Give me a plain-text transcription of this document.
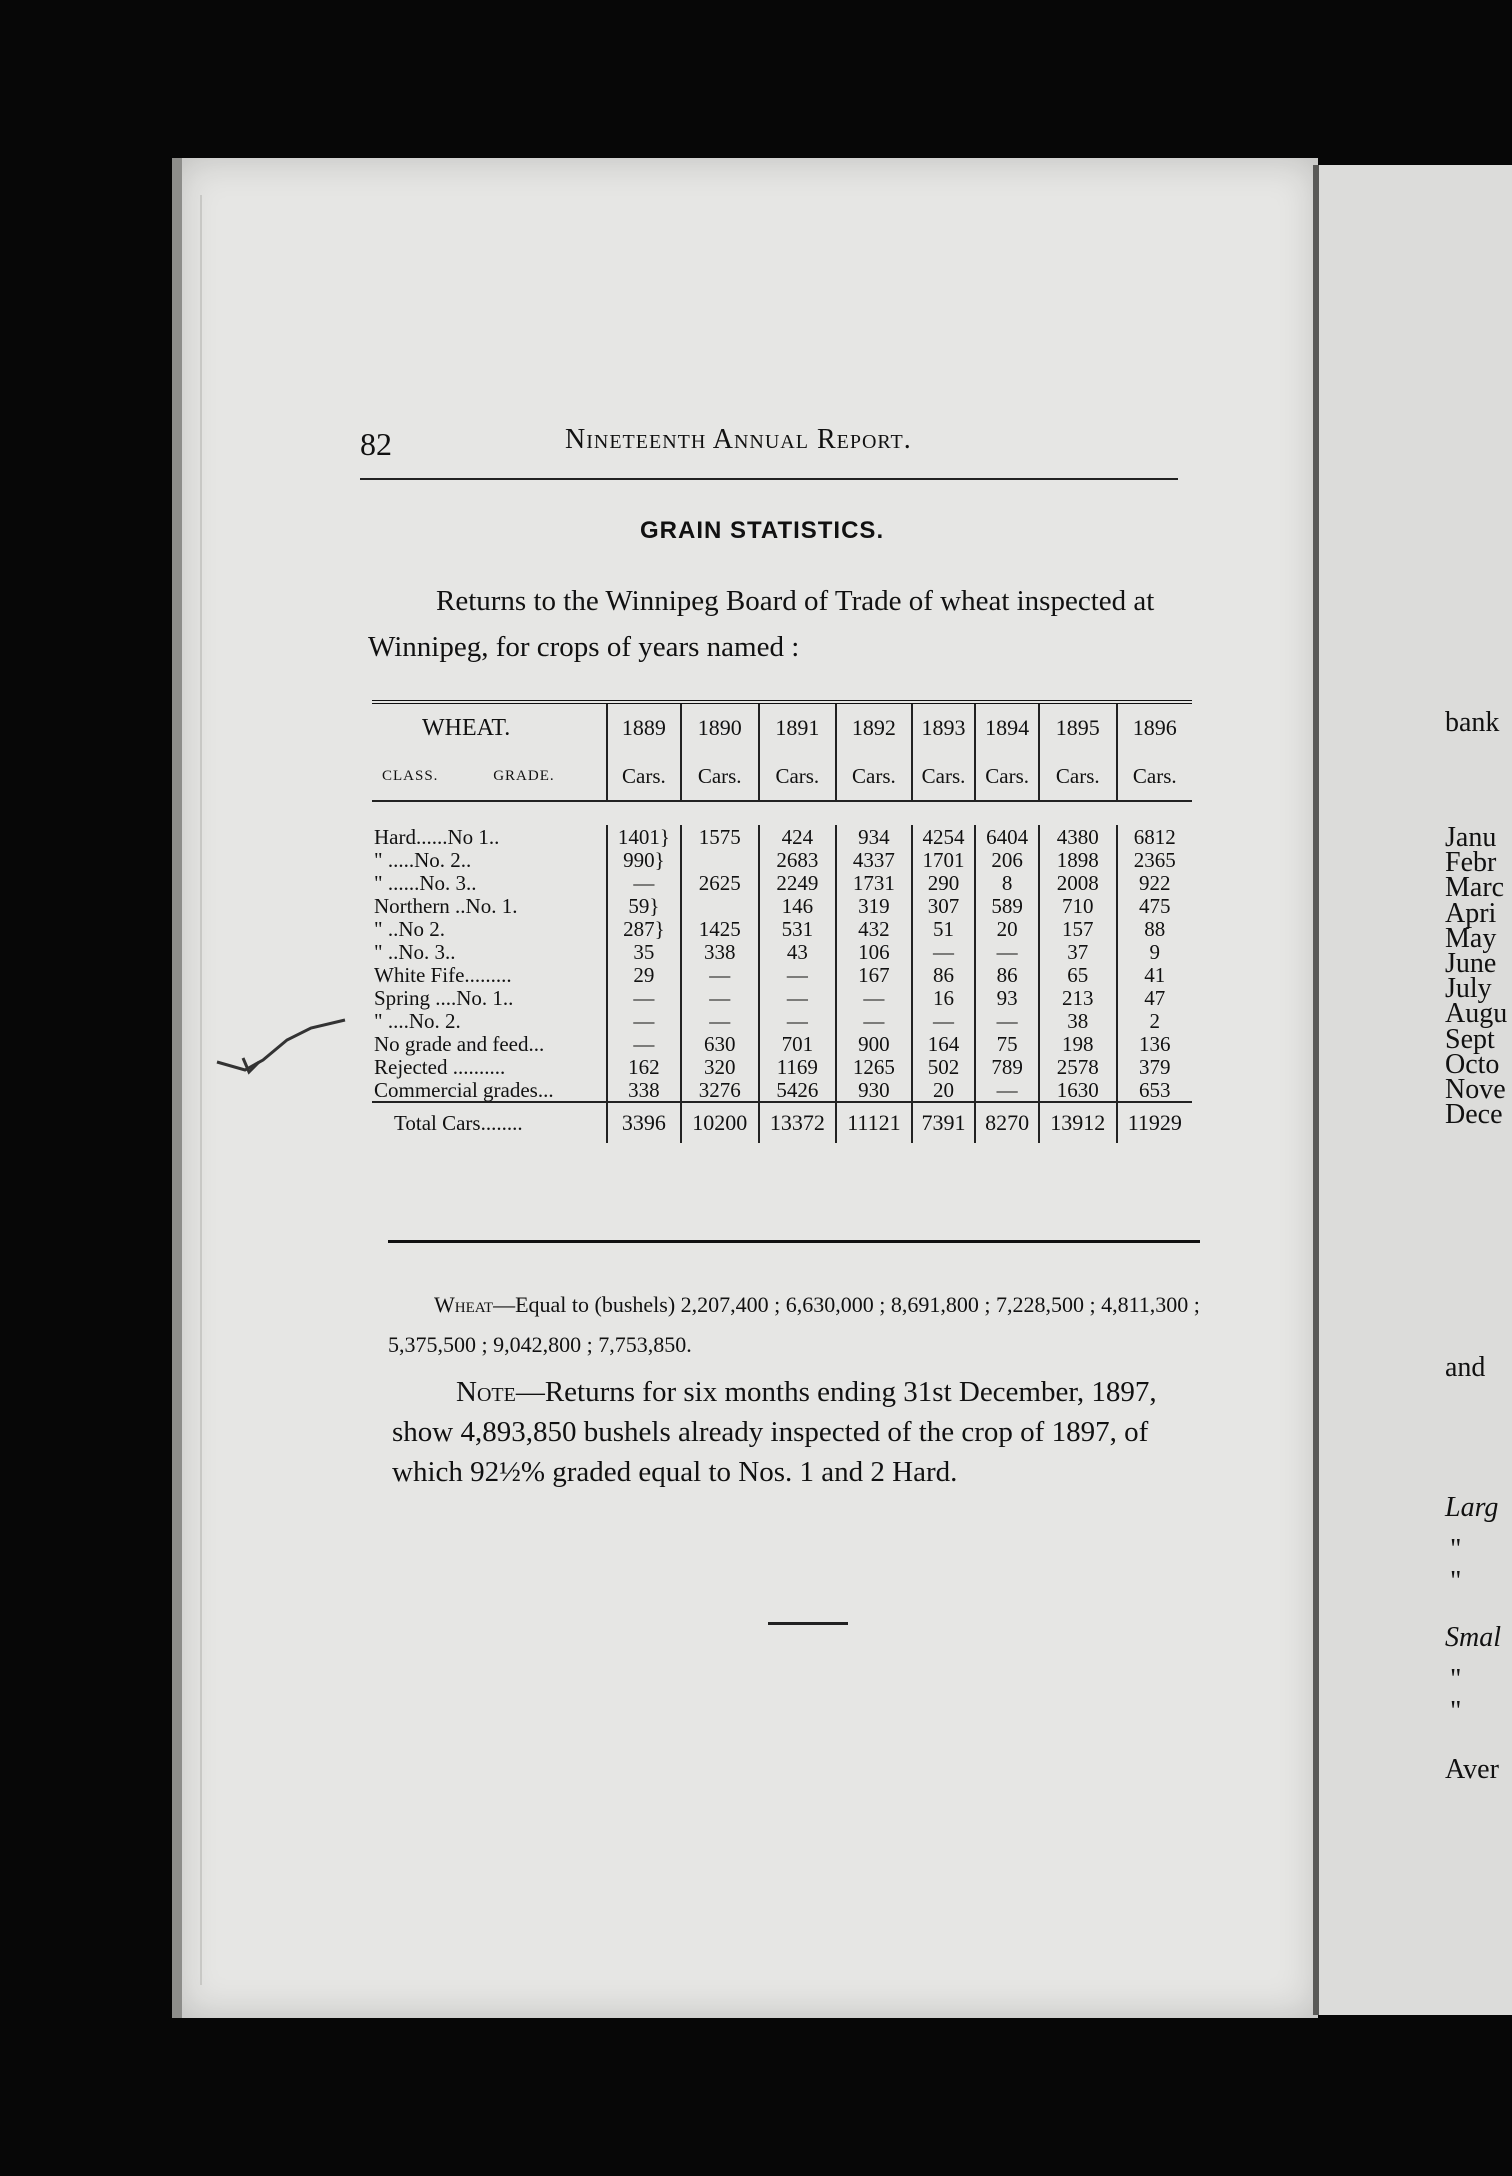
82	Nineteenth Annual Report.
GRAIN STATISTICS.
Returns to the Winnipeg Board of Trade of wheat inspected at Winnipeg, for crops of years named :
WHEAT.		1889	1890	1891	1892	1893	1894	1895	1896
CLASS.	GRADE.	Cars.	Cars.	Cars.	Cars.	Cars.	Cars.	Cars.	Cars.

Hard......No 1..		1401}	1575	424	934	4254	6404	4380	6812
" .....No. 2..		990}		2683	4337	1701	206	1898	2365
" ......No. 3..		—	2625	2249	1731	290	8	2008	922
Northern ..No. 1.		59}		146	319	307	589	710	475
" ..No 2.		287}	1425	531	432	51	20	157	88
" ..No. 3..		35	338	43	106	—	—	37	9
White Fife.........		29	—	—	167	86	86	65	41
Spring ....No. 1..		—	—	—	—	16	93	213	47
" ....No. 2.		—	—	—	—	—	—	38	2
No grade and feed...		—	630	701	900	164	75	198	136
Rejected ..........		162	320	1169	1265	502	789	2578	379
Commercial grades...		338	3276	5426	930	20	—	1630	653
Total Cars........		3396	10200	13372	11121	7391	8270	13912	11929
Wheat—Equal to (bushels) 2,207,400 ; 6,630,000 ; 8,691,800 ; 7,228,500 ; 4,811,300 ; 5,375,500 ; 9,042,800 ; 7,753,850.
Note—Returns for six months ending 31st December, 1897, show 4,893,850 bushels already inspected of the crop of 1897, of which 92½% graded equal to Nos. 1 and 2 Hard.
bank
Janu
Febr
Marc
Apri
May
June
July
Augu
Sept
Octo
Nove
Dece
and
Larg
"
"
Smal
"
"
Aver
